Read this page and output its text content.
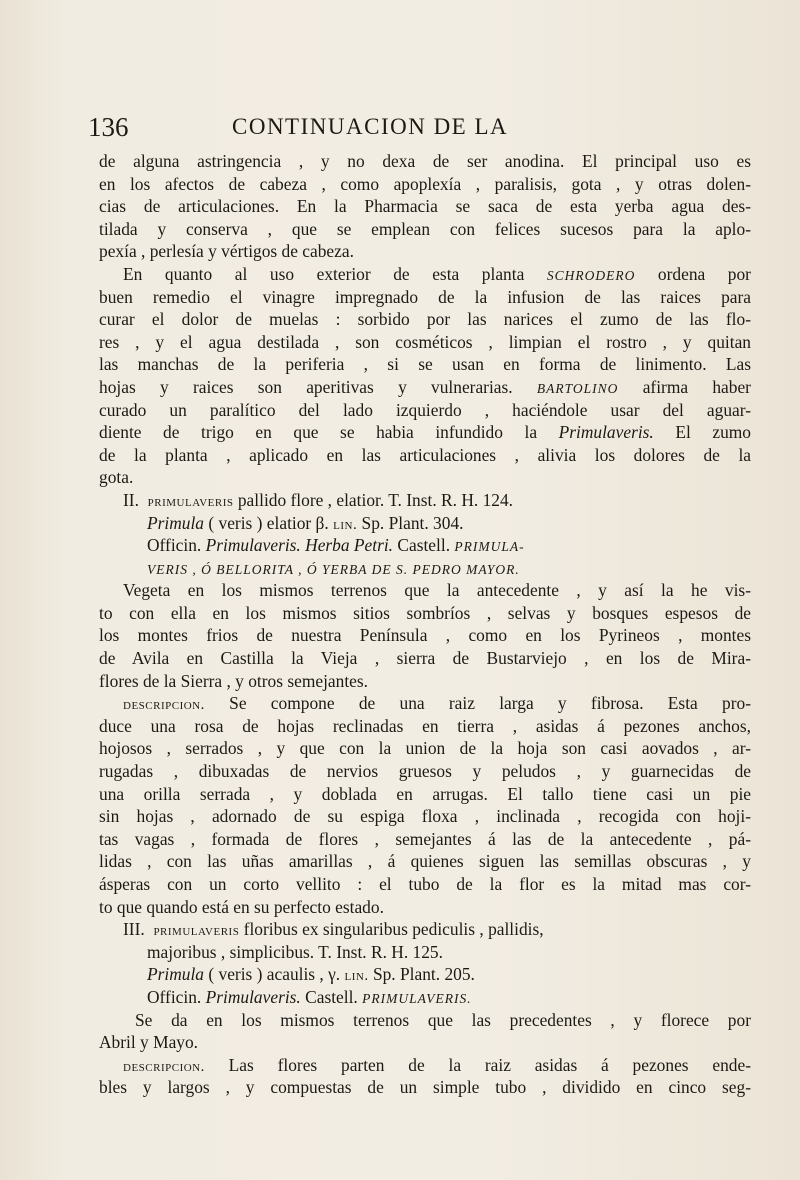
136	CONTINUACION DE LA
de alguna astringencia , y no dexa de ser anodina. El principal uso es
en los afectos de cabeza , como apoplexía , paralisis, gota , y otras dolen-
cias de articulaciones. En la Pharmacia se saca de esta yerba agua des-
tilada y conserva , que se emplean con felices sucesos para la aplo-
pexía , perlesía y vértigos de cabeza.
En quanto al uso exterior de esta planta SCHRODERO ordena por
buen remedio el vinagre impregnado de la infusion de las raices para
curar el dolor de muelas : sorbido por las narices el zumo de las flo-
res , y el agua destilada , son cosméticos , limpian el rostro , y quitan
las manchas de la periferia , si se usan en forma de linimento. Las
hojas y raices son aperitivas y vulnerarias. BARTOLINO afirma haber
curado un paralítico del lado izquierdo , haciéndole usar del aguar-
diente de trigo en que se habia infundido la Primulaveris. El zumo
de la planta , aplicado en las articulaciones , alivia los dolores de la
gota.
II. primulaveris pallido flore , elatior. T. Inst. R. H. 124.
Primula ( veris ) elatior β. lin. Sp. Plant. 304.
Officin. Primulaveris. Herba Petri. Castell. PRIMULA-
VERIS , Ó BELLORITA , Ó YERBA DE S. PEDRO MAYOR.
Vegeta en los mismos terrenos que la antecedente , y así la he vis-
to con ella en los mismos sitios sombríos , selvas y bosques espesos de
los montes frios de nuestra Península , como en los Pyrineos , montes
de Avila en Castilla la Vieja , sierra de Bustarviejo , en los de Mira-
flores de la Sierra , y otros semejantes.
descripcion. Se compone de una raiz larga y fibrosa. Esta pro-
duce una rosa de hojas reclinadas en tierra , asidas á pezones anchos,
hojosos , serrados , y que con la union de la hoja son casi aovados , ar-
rugadas , dibuxadas de nervios gruesos y peludos , y guarnecidas de
una orilla serrada , y doblada en arrugas. El tallo tiene casi un pie
sin hojas , adornado de su espiga floxa , inclinada , recogida con hoji-
tas vagas , formada de flores , semejantes á las de la antecedente , pá-
lidas , con las uñas amarillas , á quienes siguen las semillas obscuras , y
ásperas con un corto vellito : el tubo de la flor es la mitad mas cor-
to que quando está en su perfecto estado.
III. primulaveris floribus ex singularibus pediculis , pallidis,
majoribus , simplicibus. T. Inst. R. H. 125.
Primula ( veris ) acaulis , γ. lin. Sp. Plant. 205.
Officin. Primulaveris. Castell. PRIMULAVERIS.
Se da en los mismos terrenos que las precedentes , y florece por
Abril y Mayo.
descripcion. Las flores parten de la raiz asidas á pezones ende-
bles y largos , y compuestas de un simple tubo , dividido en cinco seg-
